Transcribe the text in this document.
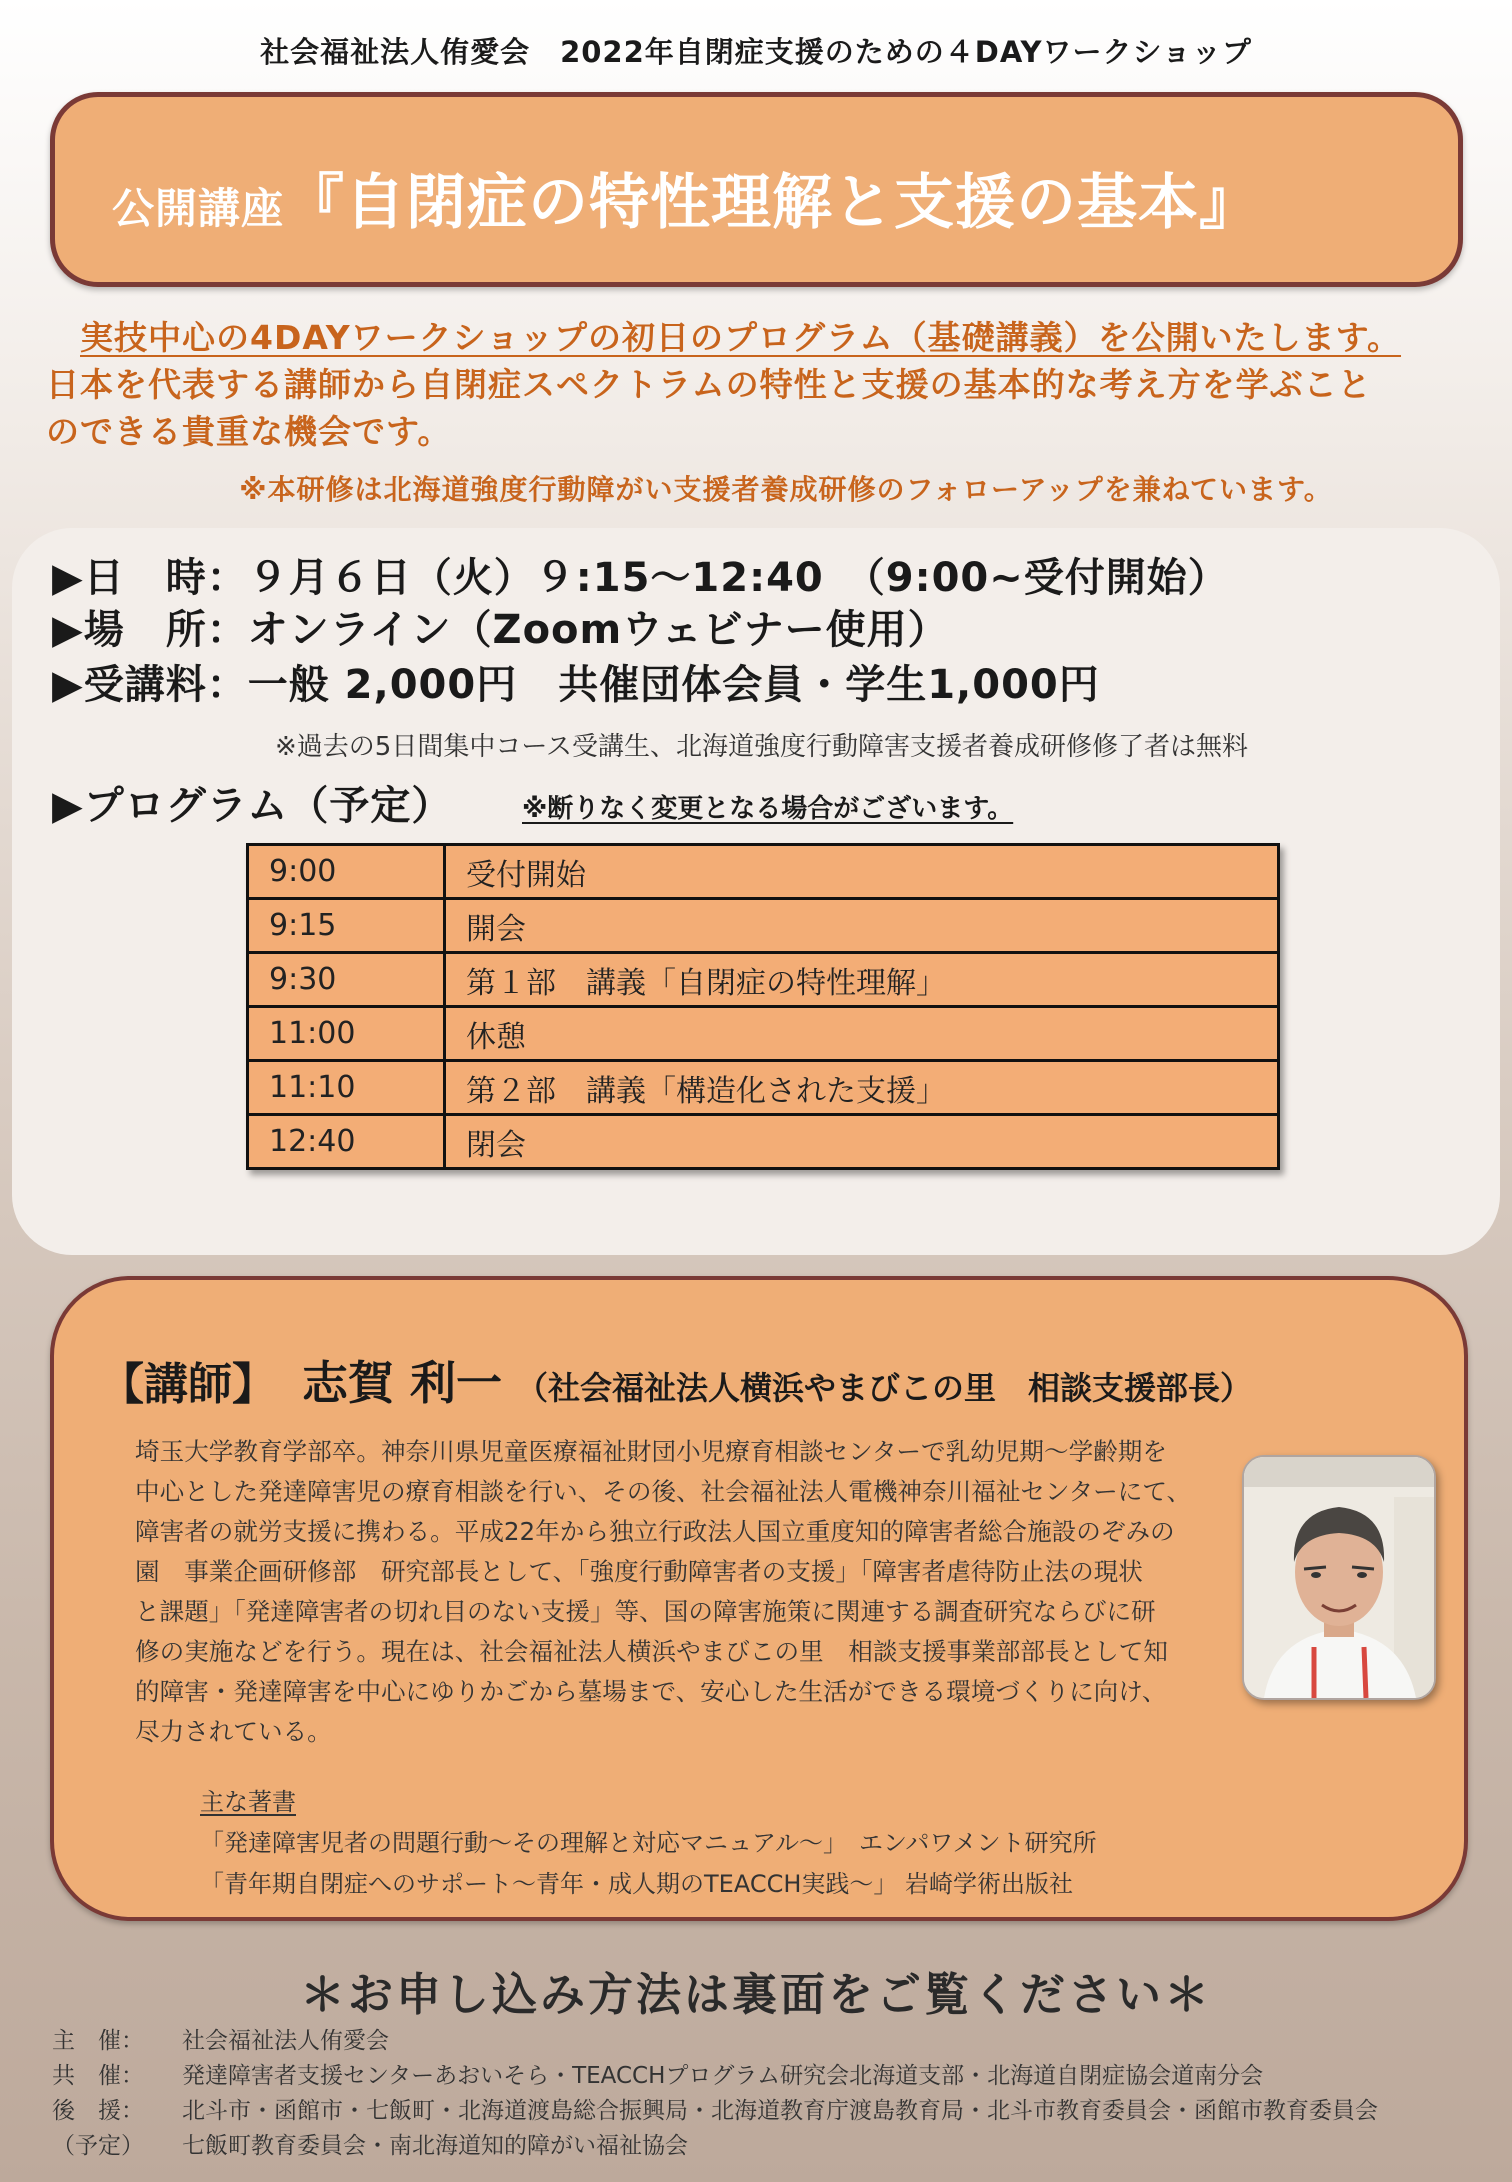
社会福祉法人侑愛会　2022年自閉症支援のための４DAYワークショップ
公開講座『自閉症の特性理解と支援の基本』
実技中心の4DAYワークショップの初日のプログラム（基礎講義）を公開いたします。
日本を代表する講師から自閉症スペクトラムの特性と支援の基本的な考え方を学ぶこと
のできる貴重な機会です。
※本研修は北海道強度行動障がい支援者養成研修のフォローアップを兼ねています。
▶日　時：９月６日（火）９:15～12:40　（9:00~受付開始）
▶場　所：オンライン（Zoomウェビナー使用）
▶受講料：一般 2,000円　共催団体会員・学生1,000円
※過去の5日間集中コース受講生、北海道強度行動障害支援者養成研修修了者は無料
▶プログラム（予定）	※断りなく変更となる場合がございます。
9:00	受付開始
9:15	開会
9:30	第１部　講義「自閉症の特性理解」
11:00	休憩
11:10	第２部　講義「構造化された支援」
12:40	閉会
【講師】 志賀 利一 （社会福祉法人横浜やまびこの里　相談支援部長）
埼玉大学教育学部卒。神奈川県児童医療福祉財団小児療育相談センターで乳幼児期～学齢期を
中心とした発達障害児の療育相談を行い、その後、社会福祉法人電機神奈川福祉センターにて、
障害者の就労支援に携わる。平成22年から独立行政法人国立重度知的障害者総合施設のぞみの
園　事業企画研修部　研究部長として、「強度行動障害者の支援」「障害者虐待防止法の現状
と課題」「発達障害者の切れ目のない支援」等、国の障害施策に関連する調査研究ならびに研
修の実施などを行う。現在は、社会福祉法人横浜やまびこの里　相談支援事業部部長として知
的障害・発達障害を中心にゆりかごから墓場まで、安心した生活ができる環境づくりに向け、
尽力されている。
主な著書
「発達障害児者の問題行動～その理解と対応マニュアル～」　エンパワメント研究所
「青年期自閉症へのサポート～青年・成人期のTEACCH実践～」 岩崎学術出版社
＊お申し込み方法は裏面をご覧ください＊
主　催：	社会福祉法人侑愛会
共　催：	発達障害者支援センターあおいそら・TEACCHプログラム研究会北海道支部・北海道自閉症協会道南分会
後　援：	北斗市・函館市・七飯町・北海道渡島総合振興局・北海道教育庁渡島教育局・北斗市教育委員会・函館市教育委員会
（予定）	七飯町教育委員会・南北海道知的障がい福祉協会
